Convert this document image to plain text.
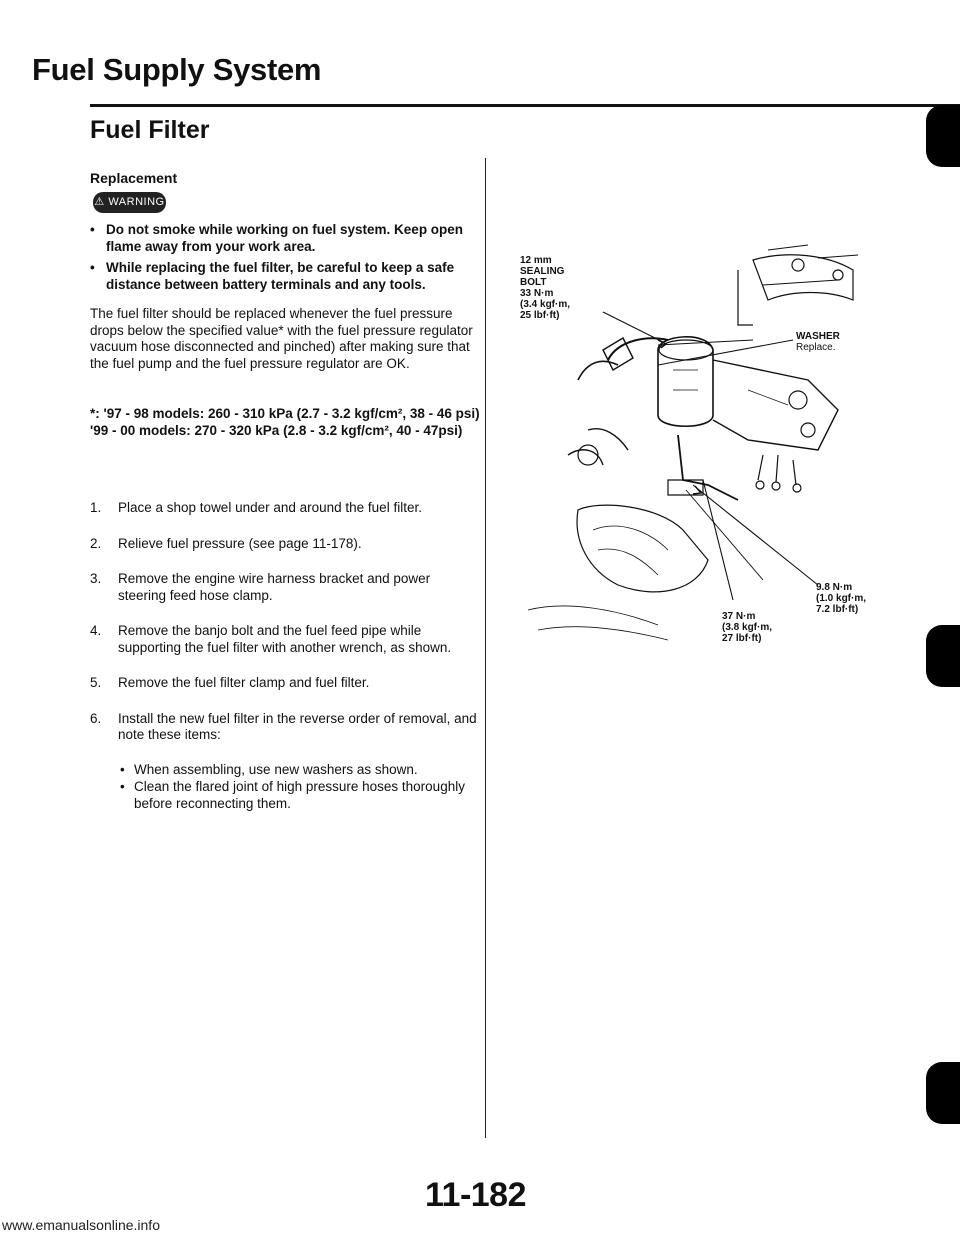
Fuel Supply System
Fuel Filter
Replacement
⚠ WARNING
• Do not smoke while working on fuel system. Keep open flame away from your work area.
• While replacing the fuel filter, be careful to keep a safe distance between battery terminals and any tools.

The fuel filter should be replaced whenever the fuel pressure drops below the specified value* with the fuel pressure regulator vacuum hose disconnected and pinched) after making sure that the fuel pump and the fuel pressure regulator are OK.

*: '97 - 98 models: 260 - 310 kPa (2.7 - 3.2 kgf/cm², 38 - 46 psi)
'99 - 00 models: 270 - 320 kPa (2.8 - 3.2 kgf/cm², 40 - 47psi)

1. Place a shop towel under and around the fuel filter.
2. Relieve fuel pressure (see page 11-178).
3. Remove the engine wire harness bracket and power steering feed hose clamp.
4. Remove the banjo bolt and the fuel feed pipe while supporting the fuel filter with another wrench, as shown.
5. Remove the fuel filter clamp and fuel filter.
6. Install the new fuel filter in the reverse order of removal, and note these items:
• When assembling, use new washers as shown.
• Clean the flared joint of high pressure hoses thoroughly before reconnecting them.
12 mm
SEALING
BOLT
33 N·m
(3.4 kgf·m,
25 lbf·ft)
WASHER
Replace.
9.8 N·m
(1.0 kgf·m,
7.2 lbf·ft)
37 N·m
(3.8 kgf·m,
27 lbf·ft)
11-182
www.emanualsonline.info
